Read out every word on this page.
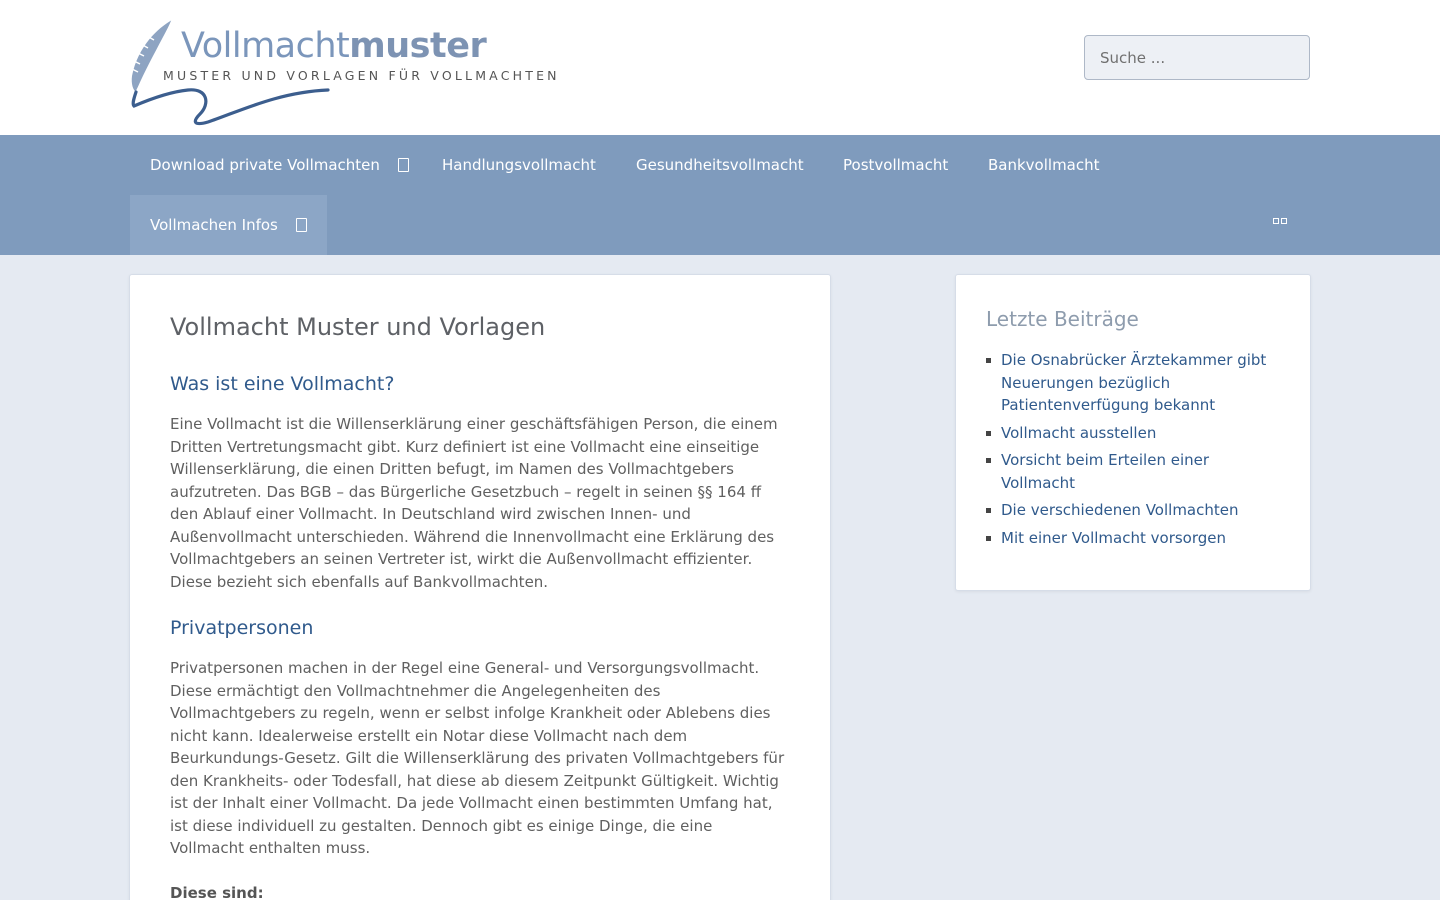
Vollmachtmuster
MUSTER UND VORLAGEN FÜR VOLLMACHTEN
Suche ...
Download private Vollmachten	Handlungsvollmacht	Gesundheitsvollmacht	Postvollmacht	Bankvollmacht
Vollmachen Infos
Vollmacht Muster und Vorlagen
Was ist eine Vollmacht?

Eine Vollmacht ist die Willenserklärung einer geschäftsfähigen Person, die einem Dritten Vertretungsmacht gibt. Kurz definiert ist eine Vollmacht eine einseitige Willenserklärung, die einen Dritten befugt, im Namen des Vollmachtgebers aufzutreten. Das BGB – das Bürgerliche Gesetzbuch – regelt in seinen §§ 164 ff den Ablauf einer Vollmacht. In Deutschland wird zwischen Innen- und Außenvollmacht unterschieden. Während die Innenvollmacht eine Erklärung des Vollmachtgebers an seinen Vertreter ist, wirkt die Außenvollmacht effizienter. Diese bezieht sich ebenfalls auf Bankvollmachten.

Privatpersonen

Privatpersonen machen in der Regel eine General- und Versorgungsvollmacht. Diese ermächtigt den Vollmachtnehmer die Angelegenheiten des Vollmachtgebers zu regeln, wenn er selbst infolge Krankheit oder Ablebens dies nicht kann. Idealerweise erstellt ein Notar diese Vollmacht nach dem Beurkundungs-Gesetz. Gilt die Willenserklärung des privaten Vollmachtgebers für den Krankheits- oder Todesfall, hat diese ab diesem Zeitpunkt Gültigkeit. Wichtig ist der Inhalt einer Vollmacht. Da jede Vollmacht einen bestimmten Umfang hat, ist diese individuell zu gestalten. Dennoch gibt es einige Dinge, die eine Vollmacht enthalten muss.

Diese sind:

Letzte Beiträge
Die Osnabrücker Ärztekammer gibt Neuerungen bezüglich Patientenverfügung bekannt
Vollmacht ausstellen
Vorsicht beim Erteilen einer Vollmacht
Die verschiedenen Vollmachten
Mit einer Vollmacht vorsorgen
